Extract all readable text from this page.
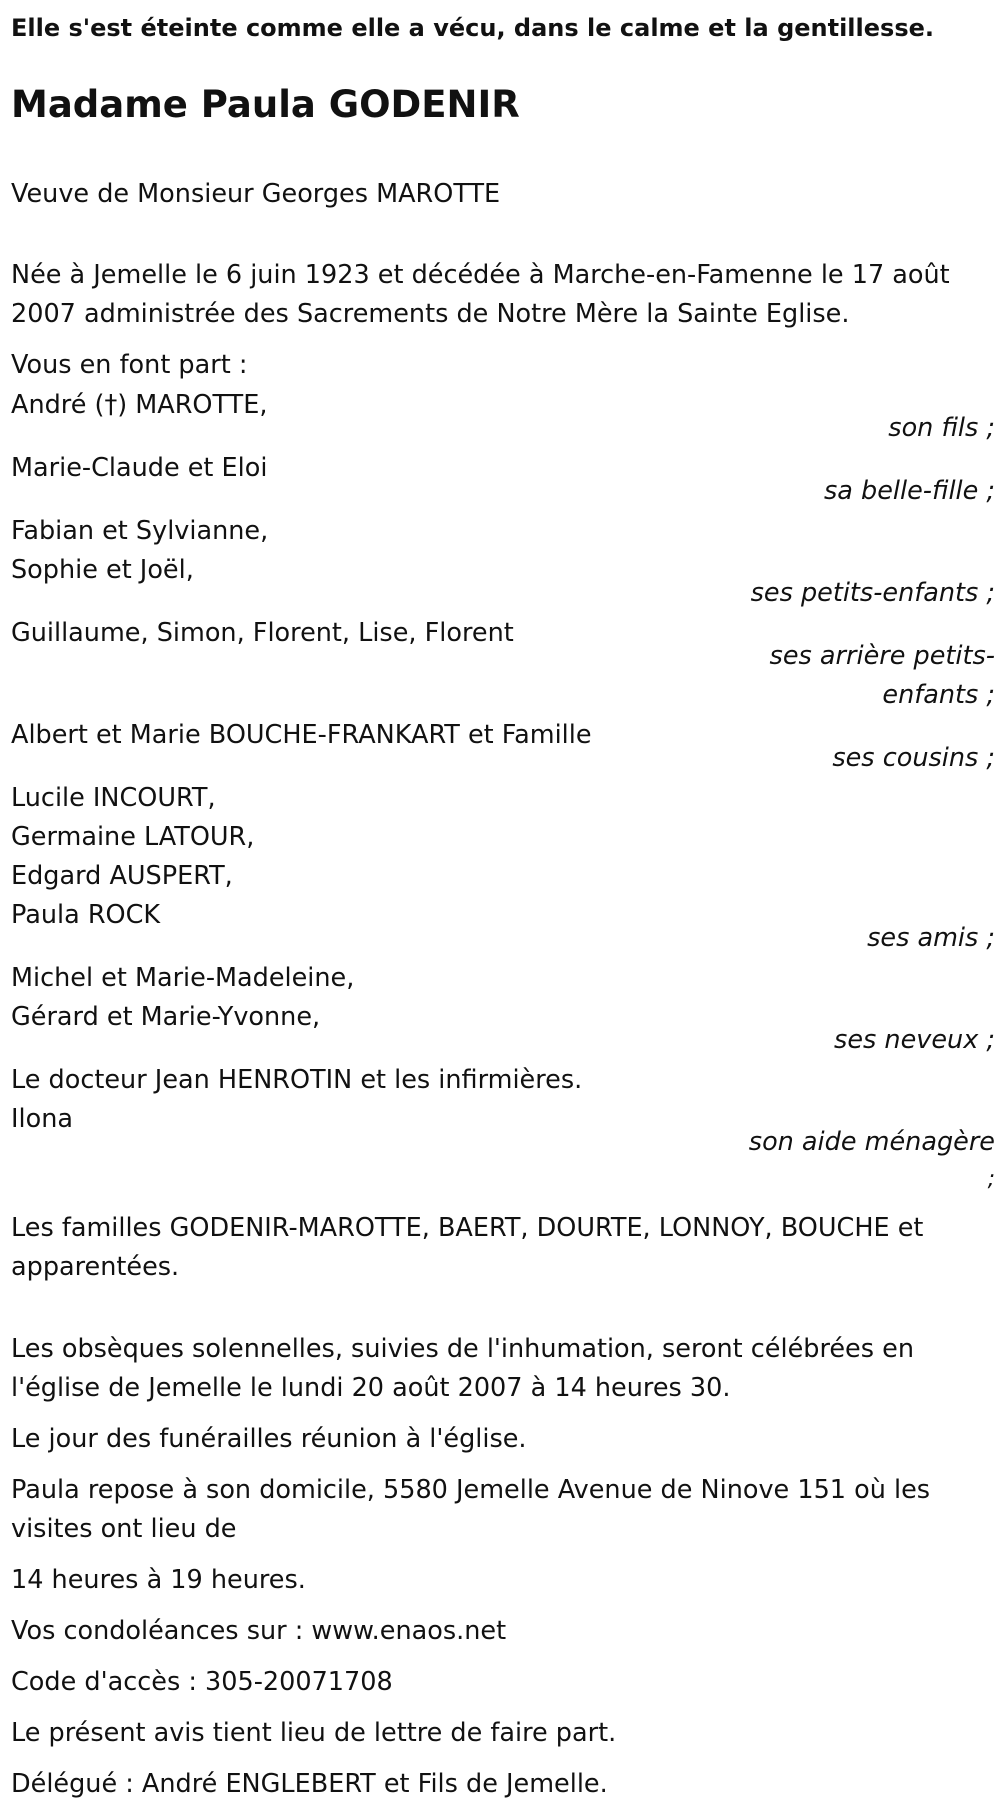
Elle s'est éteinte comme elle a vécu, dans le calme et la gentillesse.
Madame Paula GODENIR
Veuve de Monsieur Georges MAROTTE
Née à Jemelle le 6 juin 1923 et décédée à Marche-en-Famenne le 17 août
2007 administrée des Sacrements de Notre Mère la Sainte Eglise.
Vous en font part :
André (†) MAROTTE,
son fils ;
Marie-Claude et Eloi
sa belle-fille ;
Fabian et Sylvianne,
Sophie et Joël,
ses petits-enfants ;
Guillaume, Simon, Florent, Lise, Florent
ses arrière petits-
enfants ;
Albert et Marie BOUCHE-FRANKART et Famille
ses cousins ;
Lucile INCOURT,
Germaine LATOUR,
Edgard AUSPERT,
Paula ROCK
ses amis ;
Michel et Marie-Madeleine,
Gérard et Marie-Yvonne,
ses neveux ;
Le docteur Jean HENROTIN et les infirmières.
Ilona
son aide ménagère
;
Les familles GODENIR-MAROTTE, BAERT, DOURTE, LONNOY, BOUCHE et
apparentées.
Les obsèques solennelles, suivies de l'inhumation, seront célébrées en
l'église de Jemelle le lundi 20 août 2007 à 14 heures 30.
Le jour des funérailles réunion à l'église.
Paula repose à son domicile, 5580 Jemelle Avenue de Ninove 151 où les
visites ont lieu de
14 heures à 19 heures.
Vos condoléances sur : www.enaos.net
Code d'accès : 305-20071708
Le présent avis tient lieu de lettre de faire part.
Délégué : André ENGLEBERT et Fils de Jemelle.
